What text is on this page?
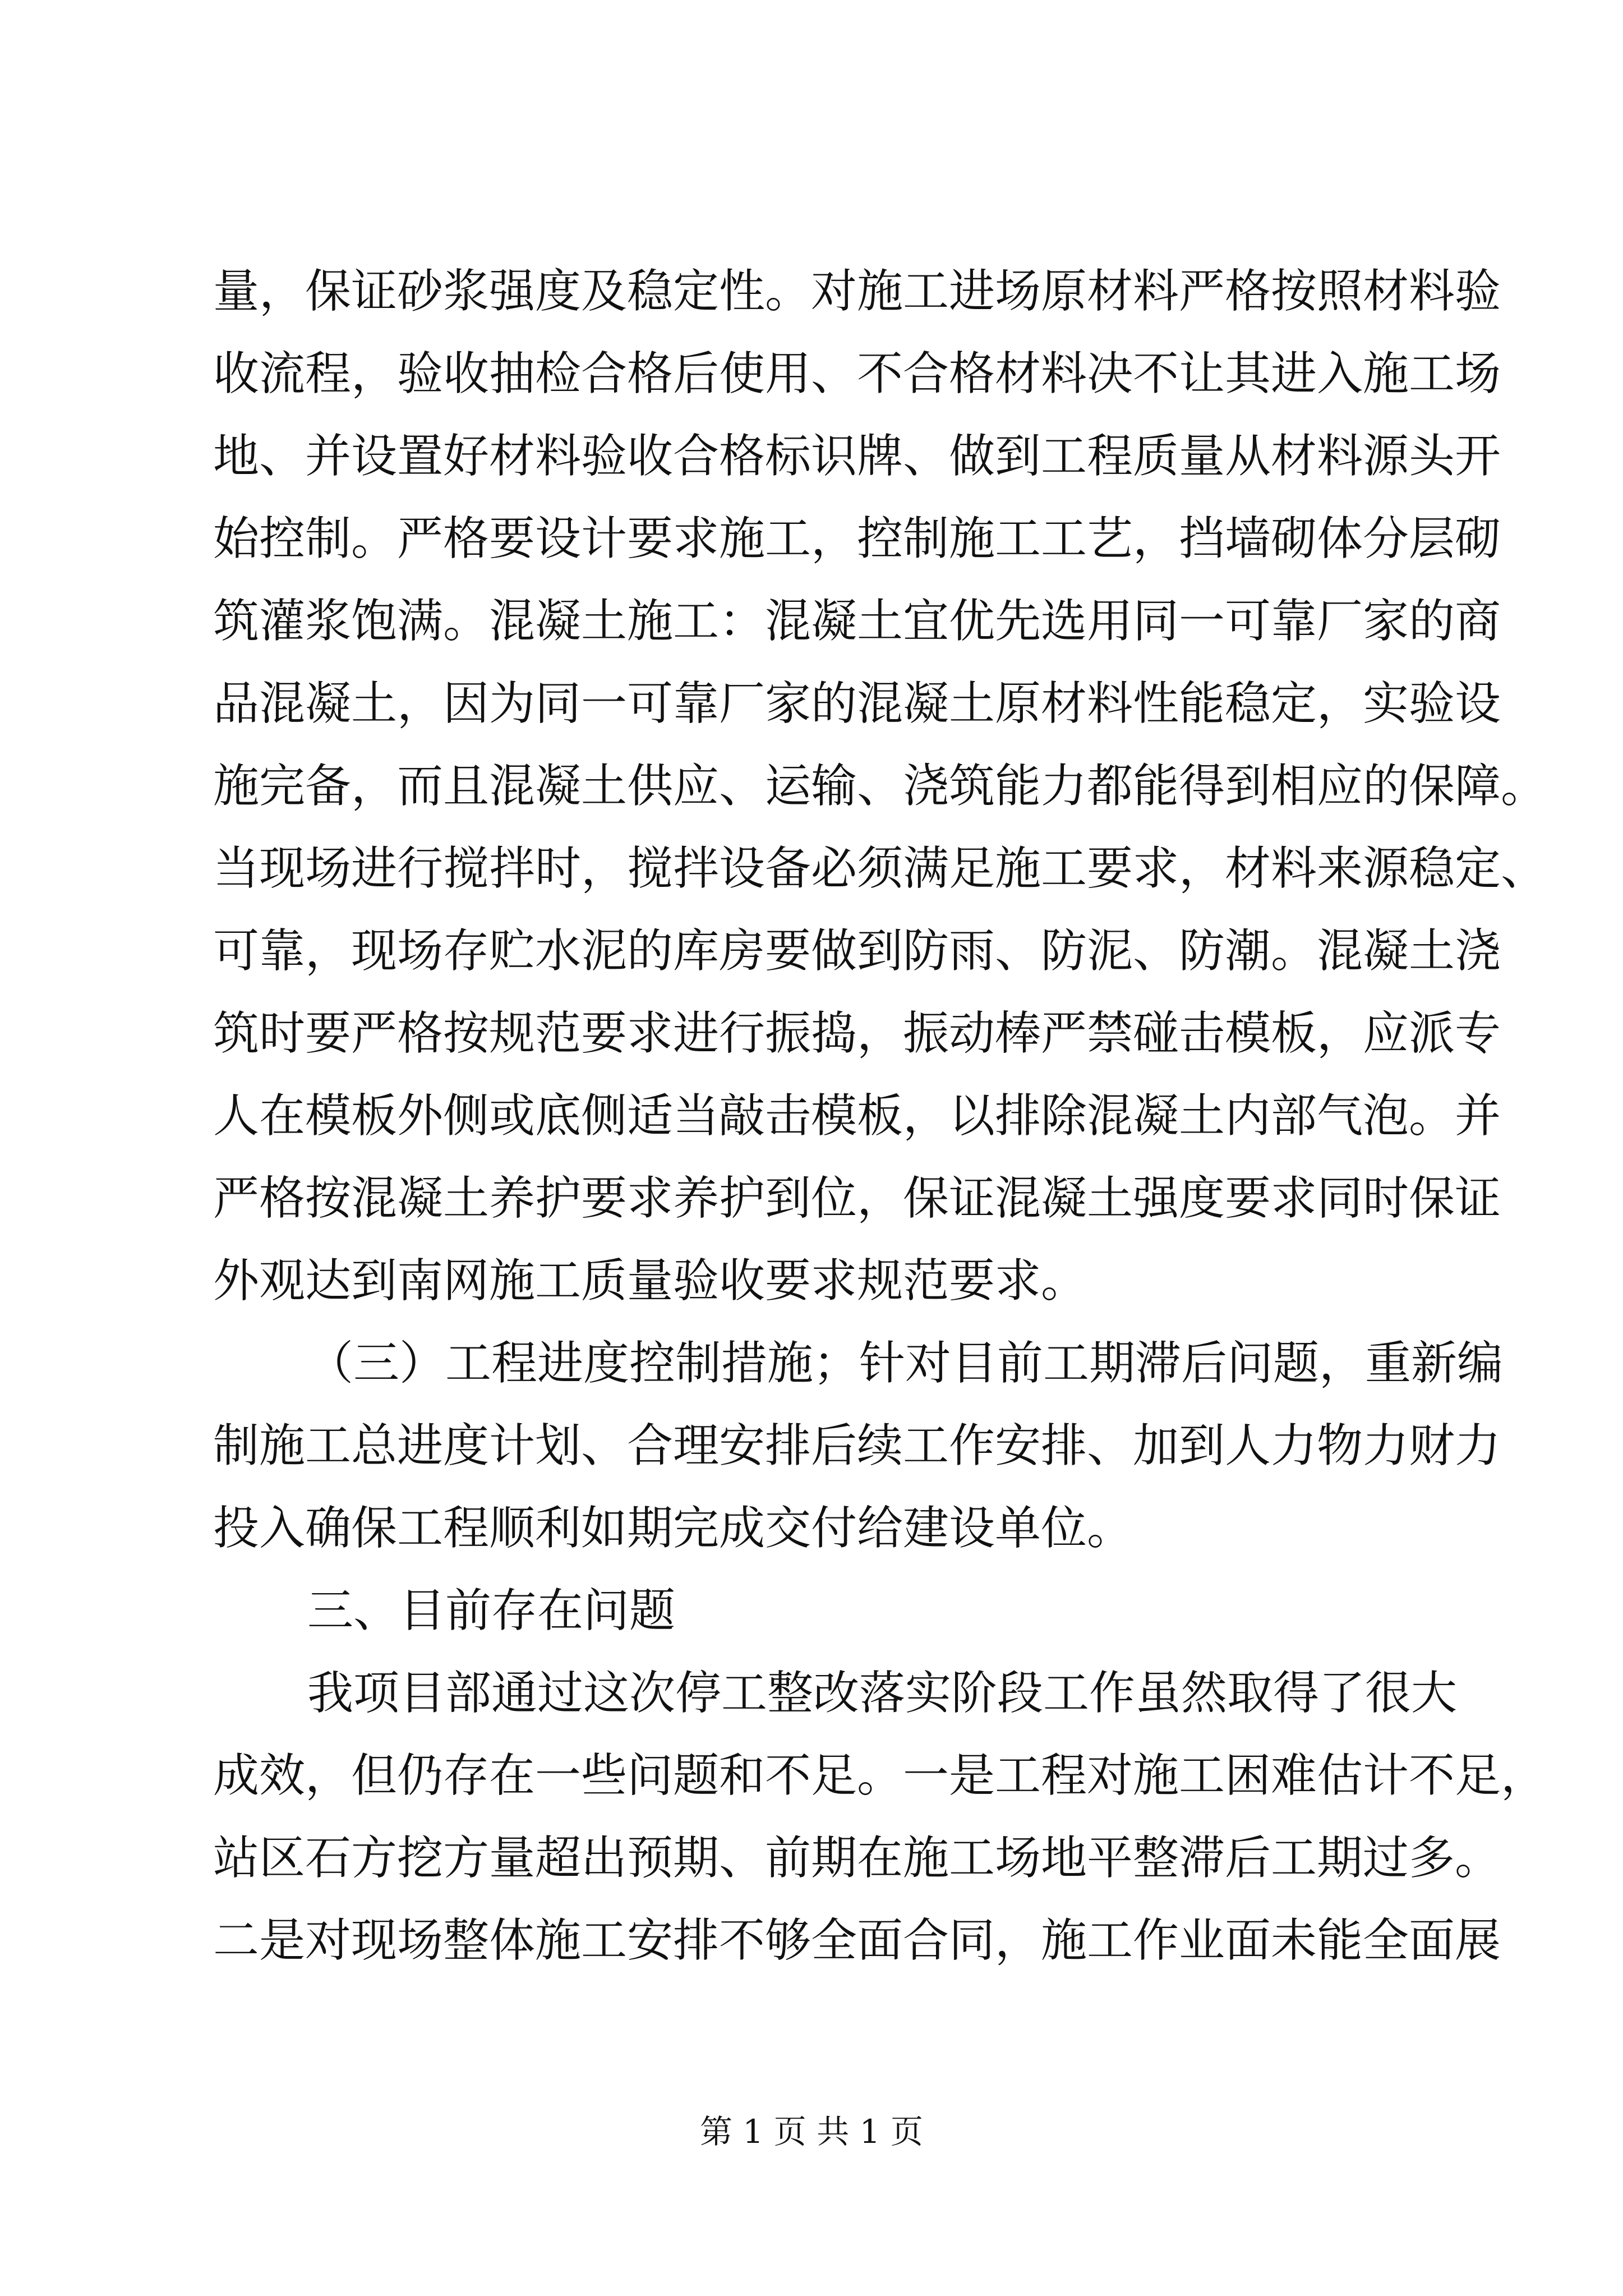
量，保证砂浆强度及稳定性。对施工进场原材料严格按照材料验
收流程，验收抽检合格后使用、不合格材料决不让其进入施工场
地、并设置好材料验收合格标识牌、做到工程质量从材料源头开
始控制。严格要设计要求施工，控制施工工艺，挡墙砌体分层砌
筑灌浆饱满。混凝土施工：混凝土宜优先选用同一可靠厂家的商
品混凝土，因为同一可靠厂家的混凝土原材料性能稳定，实验设
施完备，而且混凝土供应、运输、浇筑能力都能得到相应的保障。
当现场进行搅拌时，搅拌设备必须满足施工要求，材料来源稳定、
可靠，现场存贮水泥的库房要做到防雨、防泥、防潮。混凝土浇
筑时要严格按规范要求进行振捣，振动棒严禁碰击模板，应派专
人在模板外侧或底侧适当敲击模板，以排除混凝土内部气泡。并
严格按混凝土养护要求养护到位，保证混凝土强度要求同时保证
外观达到南网施工质量验收要求规范要求。
（三）工程进度控制措施；针对目前工期滞后问题，重新编
制施工总进度计划、合理安排后续工作安排、加到人力物力财力
投入确保工程顺利如期完成交付给建设单位。
三、目前存在问题
我项目部通过这次停工整改落实阶段工作虽然取得了很大
成效，但仍存在一些问题和不足。一是工程对施工困难估计不足，
站区石方挖方量超出预期、前期在施工场地平整滞后工期过多。
二是对现场整体施工安排不够全面合同，施工作业面未能全面展
第 1 页 共 1 页
